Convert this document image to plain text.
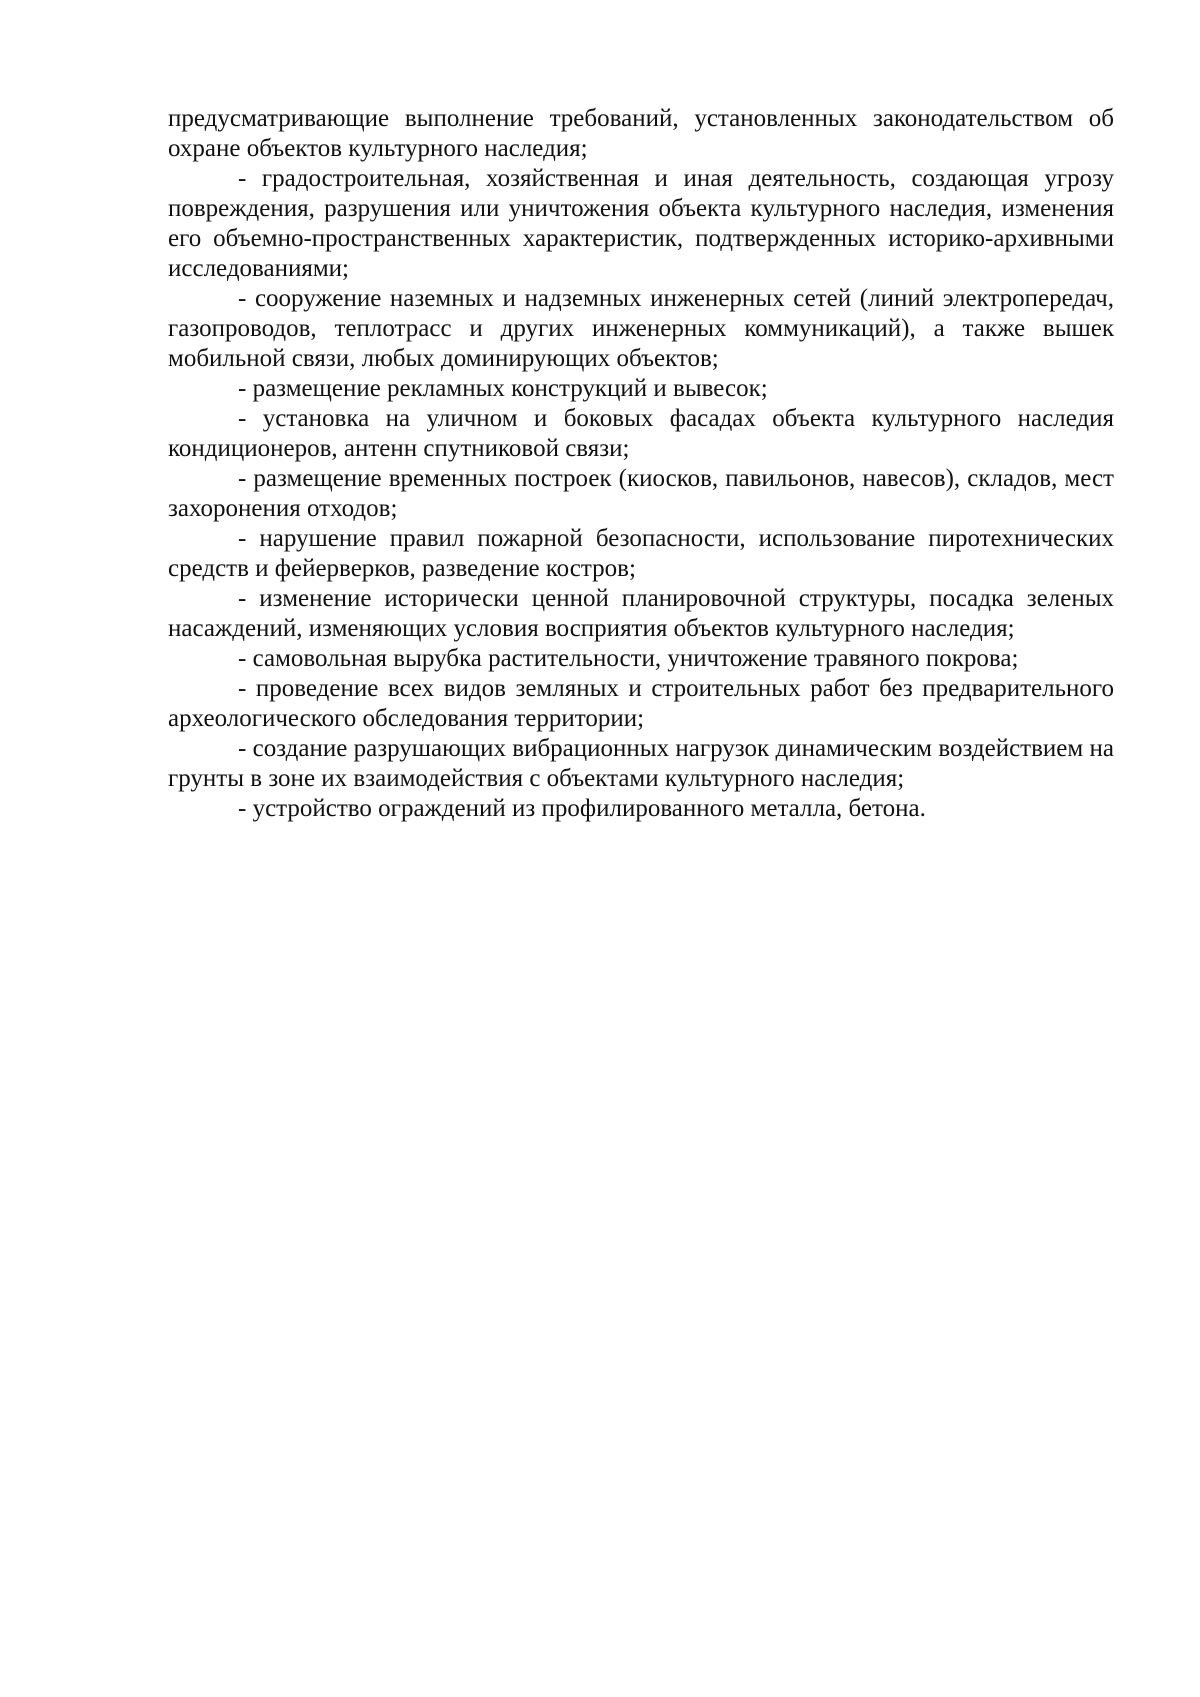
предусматривающие выполнение требований, установленных законодательством об охране объектов культурного наследия;

- градостроительная, хозяйственная и иная деятельность, создающая угрозу повреждения, разрушения или уничтожения объекта культурного наследия, изменения его объемно-пространственных характеристик, подтвержденных историко-архивными исследованиями;

- сооружение наземных и надземных инженерных сетей (линий электропередач, газопроводов, теплотрасс и других инженерных коммуникаций), а также вышек мобильной связи, любых доминирующих объектов;

- размещение рекламных конструкций и вывесок;

- установка на уличном и боковых фасадах объекта культурного наследия кондиционеров, антенн спутниковой связи;

- размещение временных построек (киосков, павильонов, навесов), складов, мест захоронения отходов;

- нарушение правил пожарной безопасности, использование пиротехнических средств и фейерверков, разведение костров;

- изменение исторически ценной планировочной структуры, посадка зеленых насаждений, изменяющих условия восприятия объектов культурного наследия;

- самовольная вырубка растительности, уничтожение травяного покрова;

- проведение всех видов земляных и строительных работ без предварительного археологического обследования территории;

- создание разрушающих вибрационных нагрузок динамическим воздействием на грунты в зоне их взаимодействия с объектами культурного наследия;

- устройство ограждений из профилированного металла, бетона.
